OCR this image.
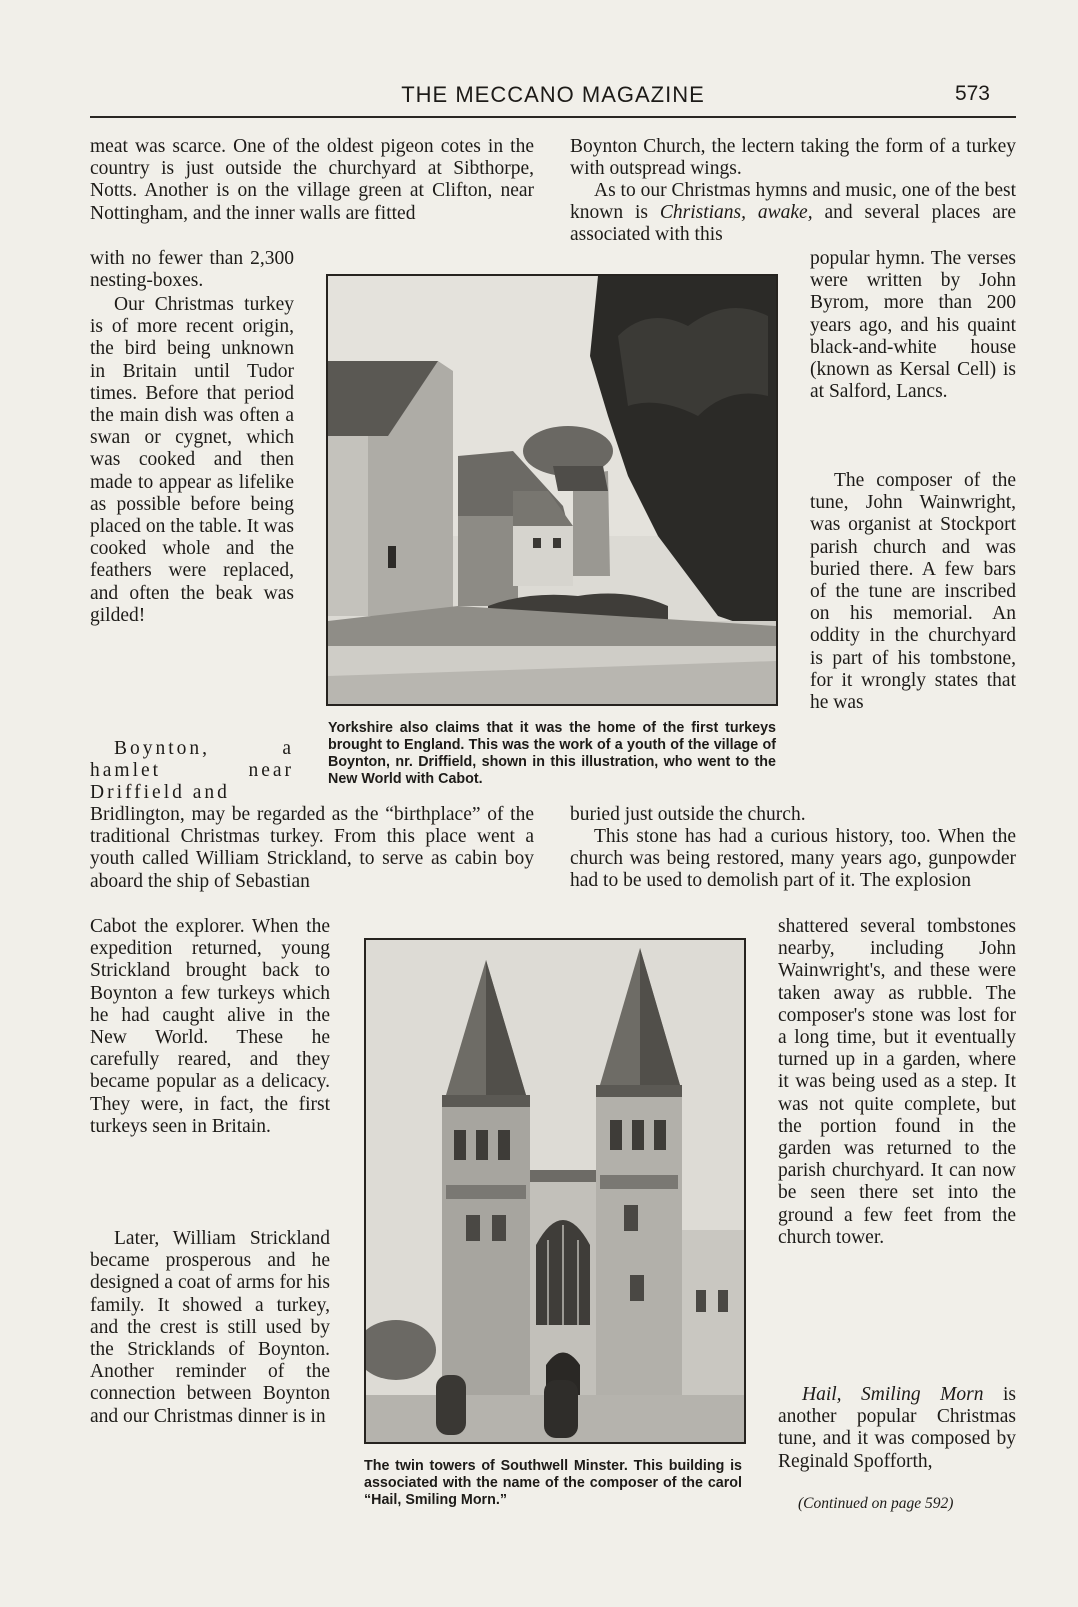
THE MECCANO MAGAZINE	573

meat was scarce. One of the oldest pigeon cotes in the country is just outside the churchyard at Sibthorpe, Notts. Another is on the village green at Clifton, near Nottingham, and the inner walls are fitted

with no fewer than 2,300 nesting-boxes.

Our Christmas turkey is of more recent origin, the bird being unknown in Britain until Tudor times. Before that period the main dish was often a swan or cygnet, which was cooked and then made to appear as lifelike as possible before being placed on the table. It was cooked whole and the feathers were replaced, and often the beak was gilded!

Boynton, a hamlet near Driffield and

Bridlington, may be regarded as the “birthplace” of the traditional Christmas turkey. From this place went a youth called William Strickland, to serve as cabin boy aboard the ship of Sebastian

Cabot the explorer. When the expedition returned, young Strickland brought back to Boynton a few turkeys which he had caught alive in the New World. These he carefully reared, and they became popular as a delicacy. They were, in fact, the first turkeys seen in Britain.

Later, William Strickland became prosperous and he designed a coat of arms for his family. It showed a turkey, and the crest is still used by the Stricklands of Boynton. Another reminder of the connection between Boynton and our Christmas dinner is in

Boynton Church, the lectern taking the form of a turkey with outspread wings.

As to our Christmas hymns and music, one of the best known is Christians, awake, and several places are associated with this

popular hymn. The verses were written by John Byrom, more than 200 years ago, and his quaint black-and-white house (known as Kersal Cell) is at Salford, Lancs.

The composer of the tune, John Wainwright, was organist at Stockport parish church and was buried there. A few bars of the tune are inscribed on his memorial. An oddity in the churchyard is part of his tombstone, for it wrongly states that he was

buried just outside the church.

This stone has had a curious history, too. When the church was being restored, many years ago, gunpowder had to be used to demolish part of it. The explosion

shattered several tombstones nearby, including John Wainwright's, and these were taken away as rubble. The composer's stone was lost for a long time, but it eventually turned up in a garden, where it was being used as a step. It was not quite complete, but the portion found in the garden was returned to the parish churchyard. It can now be seen there set into the ground a few feet from the church tower.

Hail, Smiling Morn is another popular Christmas tune, and it was composed by Reginald Spofforth,

(Continued on page 592)

Yorkshire also claims that it was the home of the first turkeys brought to England. This was the work of a youth of the village of Boynton, nr. Driffield, shown in this illustration, who went to the New World with Cabot.

The twin towers of Southwell Minster. This building is associated with the name of the composer of the carol “Hail, Smiling Morn.”
